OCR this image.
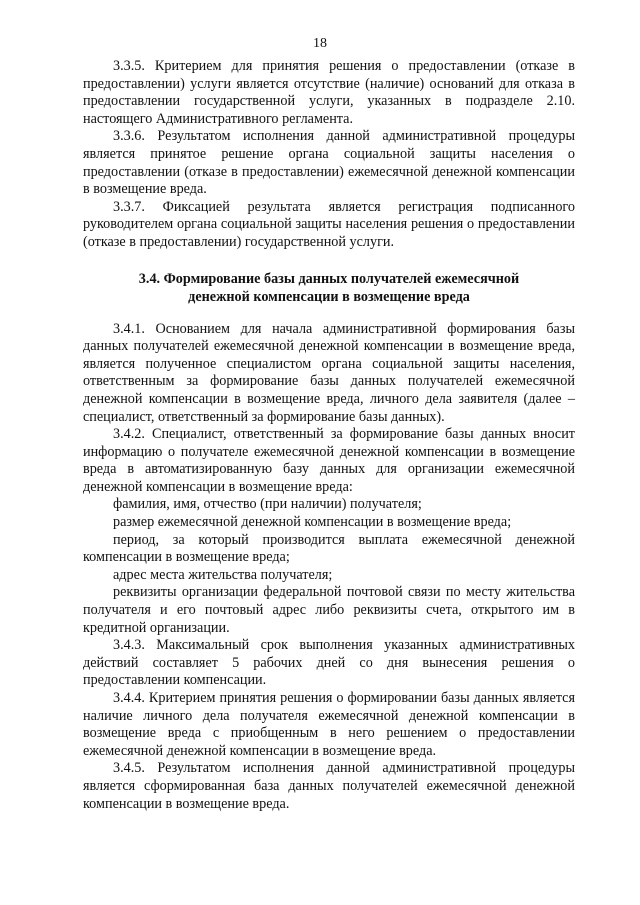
18

3.3.5. Критерием для принятия решения о предоставлении (отказе в предоставлении) услуги является отсутствие (наличие) оснований для отказа в предоставлении государственной услуги, указанных в подразделе 2.10. настоящего Административного регламента.

3.3.6. Результатом исполнения данной административной процедуры является принятое решение органа социальной защиты населения о предоставлении (отказе в предоставлении) ежемесячной денежной компенсации в возмещение вреда.

3.3.7. Фиксацией результата является регистрация подписанного руководителем органа социальной защиты населения решения о предоставлении (отказе в предоставлении) государственной услуги.

3.4. Формирование базы данных получателей ежемесячной
денежной компенсации в возмещение вреда

3.4.1. Основанием для начала административной формирования базы данных получателей ежемесячной денежной компенсации в возмещение вреда, является полученное специалистом органа социальной защиты населения, ответственным за формирование базы данных получателей ежемесячной денежной компенсации в возмещение вреда, личного дела заявителя (далее – специалист, ответственный за формирование базы данных).

3.4.2. Специалист, ответственный за формирование базы данных вносит информацию о получателе ежемесячной денежной компенсации в возмещение вреда в автоматизированную базу данных для организации ежемесячной денежной компенсации в возмещение вреда:

фамилия, имя, отчество (при наличии) получателя;

размер ежемесячной денежной компенсации в возмещение вреда;

период, за который производится выплата ежемесячной денежной компенсации в возмещение вреда;

адрес места жительства получателя;

реквизиты организации федеральной почтовой связи по месту жительства получателя и его почтовый адрес либо реквизиты счета, открытого им в кредитной организации.

3.4.3. Максимальный срок выполнения указанных административных действий составляет 5 рабочих дней со дня вынесения решения о предоставлении компенсации.

3.4.4. Критерием принятия решения о формировании базы данных является наличие личного дела получателя ежемесячной денежной компенсации в возмещение вреда с приобщенным в него решением о предоставлении ежемесячной денежной компенсации в возмещение вреда.

3.4.5. Результатом исполнения данной административной процедуры является сформированная база данных получателей ежемесячной денежной компенсации в возмещение вреда.
